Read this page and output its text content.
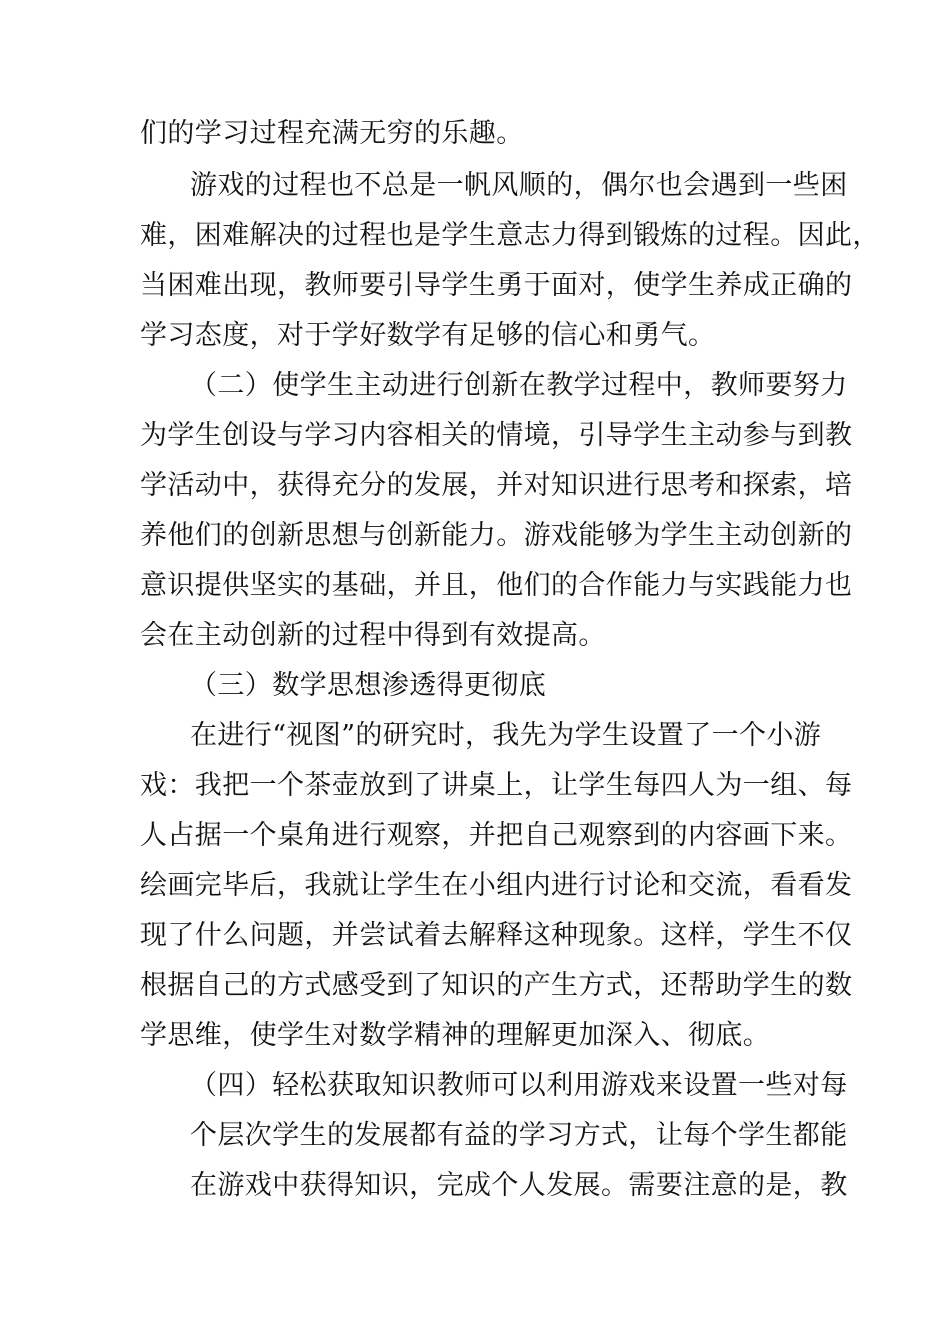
们的学习过程充满无穷的乐趣。

游戏的过程也不总是一帆风顺的，偶尔也会遇到一些困

难，困难解决的过程也是学生意志力得到锻炼的过程。因此，

当困难出现，教师要引导学生勇于面对，使学生养成正确的

学习态度，对于学好数学有足够的信心和勇气。

（二）使学生主动进行创新在教学过程中，教师要努力

为学生创设与学习内容相关的情境，引导学生主动参与到教

学活动中，获得充分的发展，并对知识进行思考和探索，培

养他们的创新思想与创新能力。游戏能够为学生主动创新的

意识提供坚实的基础，并且，他们的合作能力与实践能力也

会在主动创新的过程中得到有效提高。

（三）数学思想渗透得更彻底

在进行“视图”的研究时，我先为学生设置了一个小游

戏：我把一个茶壶放到了讲桌上，让学生每四人为一组、每

人占据一个桌角进行观察，并把自己观察到的内容画下来。

绘画完毕后，我就让学生在小组内进行讨论和交流，看看发

现了什么问题，并尝试着去解释这种现象。这样，学生不仅

根据自己的方式感受到了知识的产生方式，还帮助学生的数

学思维，使学生对数学精神的理解更加深入、彻底。

（四）轻松获取知识教师可以利用游戏来设置一些对每

个层次学生的发展都有益的学习方式，让每个学生都能

在游戏中获得知识，完成个人发展。需要注意的是，教
